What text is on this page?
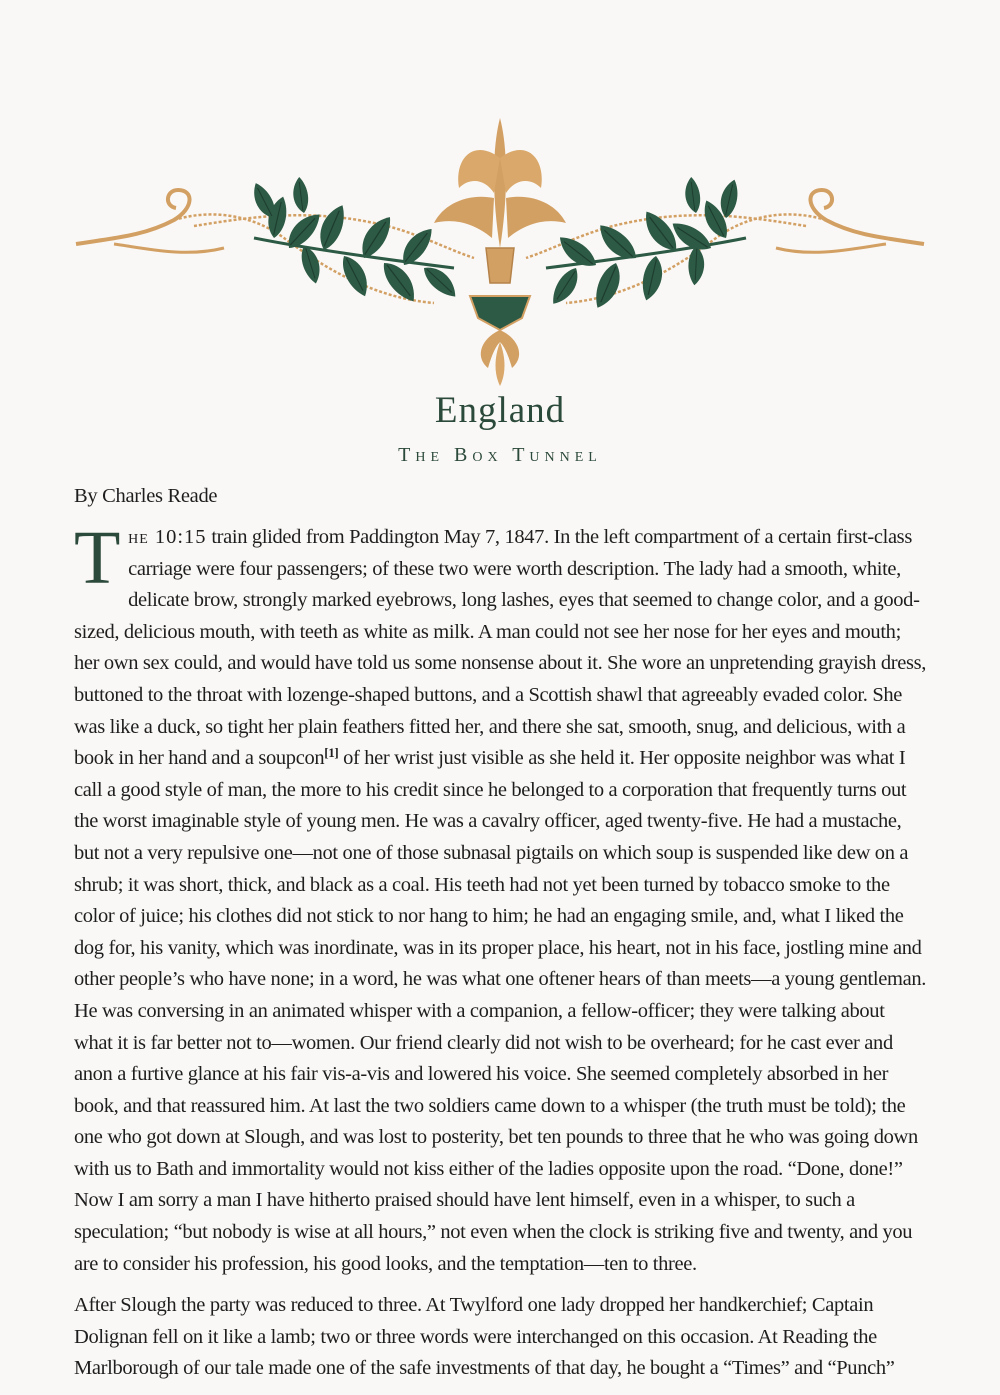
England
The Box Tunnel
By Charles Reade

The 10:15 train glided from Paddington May 7, 1847. In the left compartment of a certain first-class carriage were four passengers; of these two were worth description. The lady had a smooth, white, delicate brow, strongly marked eyebrows, long lashes, eyes that seemed to change color, and a good-sized, delicious mouth, with teeth as white as milk. A man could not see her nose for her eyes and mouth; her own sex could, and would have told us some nonsense about it. She wore an unpretending grayish dress, buttoned to the throat with lozenge-shaped buttons, and a Scottish shawl that agreeably evaded color. She was like a duck, so tight her plain feathers fitted her, and there she sat, smooth, snug, and delicious, with a book in her hand and a soupcon[1] of her wrist just visible as she held it. Her opposite neighbor was what I call a good style of man, the more to his credit since he belonged to a corporation that frequently turns out the worst imaginable style of young men. He was a cavalry officer, aged twenty-five. He had a mustache, but not a very repulsive one—not one of those subnasal pigtails on which soup is suspended like dew on a shrub; it was short, thick, and black as a coal. His teeth had not yet been turned by tobacco smoke to the color of juice; his clothes did not stick to nor hang to him; he had an engaging smile, and, what I liked the dog for, his vanity, which was inordinate, was in its proper place, his heart, not in his face, jostling mine and other people’s who have none; in a word, he was what one oftener hears of than meets—a young gentleman. He was conversing in an animated whisper with a companion, a fellow-officer; they were talking about what it is far better not to—women. Our friend clearly did not wish to be overheard; for he cast ever and anon a furtive glance at his fair vis-a-vis and lowered his voice. She seemed completely absorbed in her book, and that reassured him. At last the two soldiers came down to a whisper (the truth must be told); the one who got down at Slough, and was lost to posterity, bet ten pounds to three that he who was going down with us to Bath and immortality would not kiss either of the ladies opposite upon the road. “Done, done!” Now I am sorry a man I have hitherto praised should have lent himself, even in a whisper, to such a speculation; “but nobody is wise at all hours,” not even when the clock is striking five and twenty, and you are to consider his profession, his good looks, and the temptation—ten to three.

After Slough the party was reduced to three. At Twylford one lady dropped her handkerchief; Captain Dolignan fell on it like a lamb; two or three words were interchanged on this occasion. At Reading the Marlborough of our tale made one of the safe investments of that day, he bought a “Times” and “Punch”
